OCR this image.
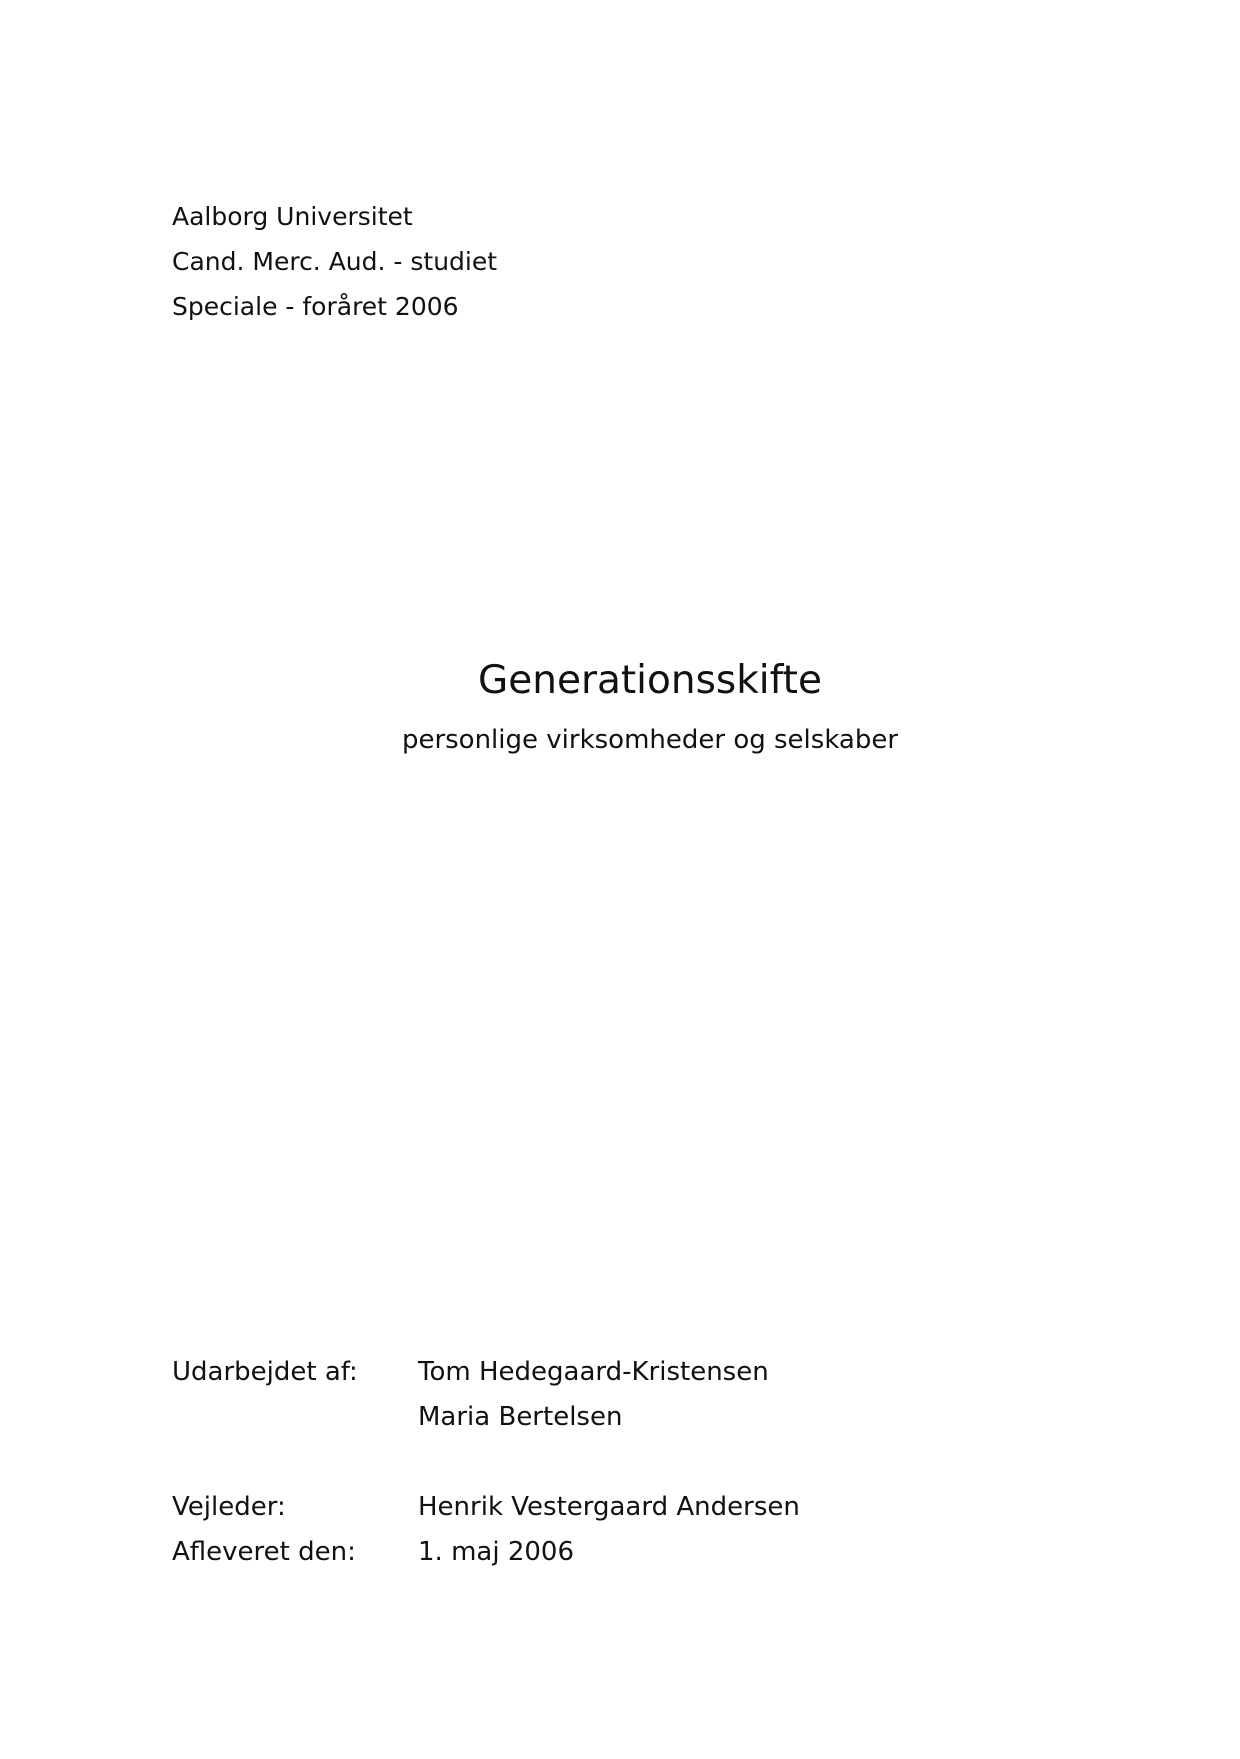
Aalborg Universitet
Cand. Merc. Aud. - studiet
Speciale - foråret 2006
Generationsskifte
personlige virksomheder og selskaber
Udarbejdet af: Tom Hedegaard-Kristensen
Maria Bertelsen
Vejleder:	Henrik Vestergaard Andersen
Afleveret den: 1. maj 2006
